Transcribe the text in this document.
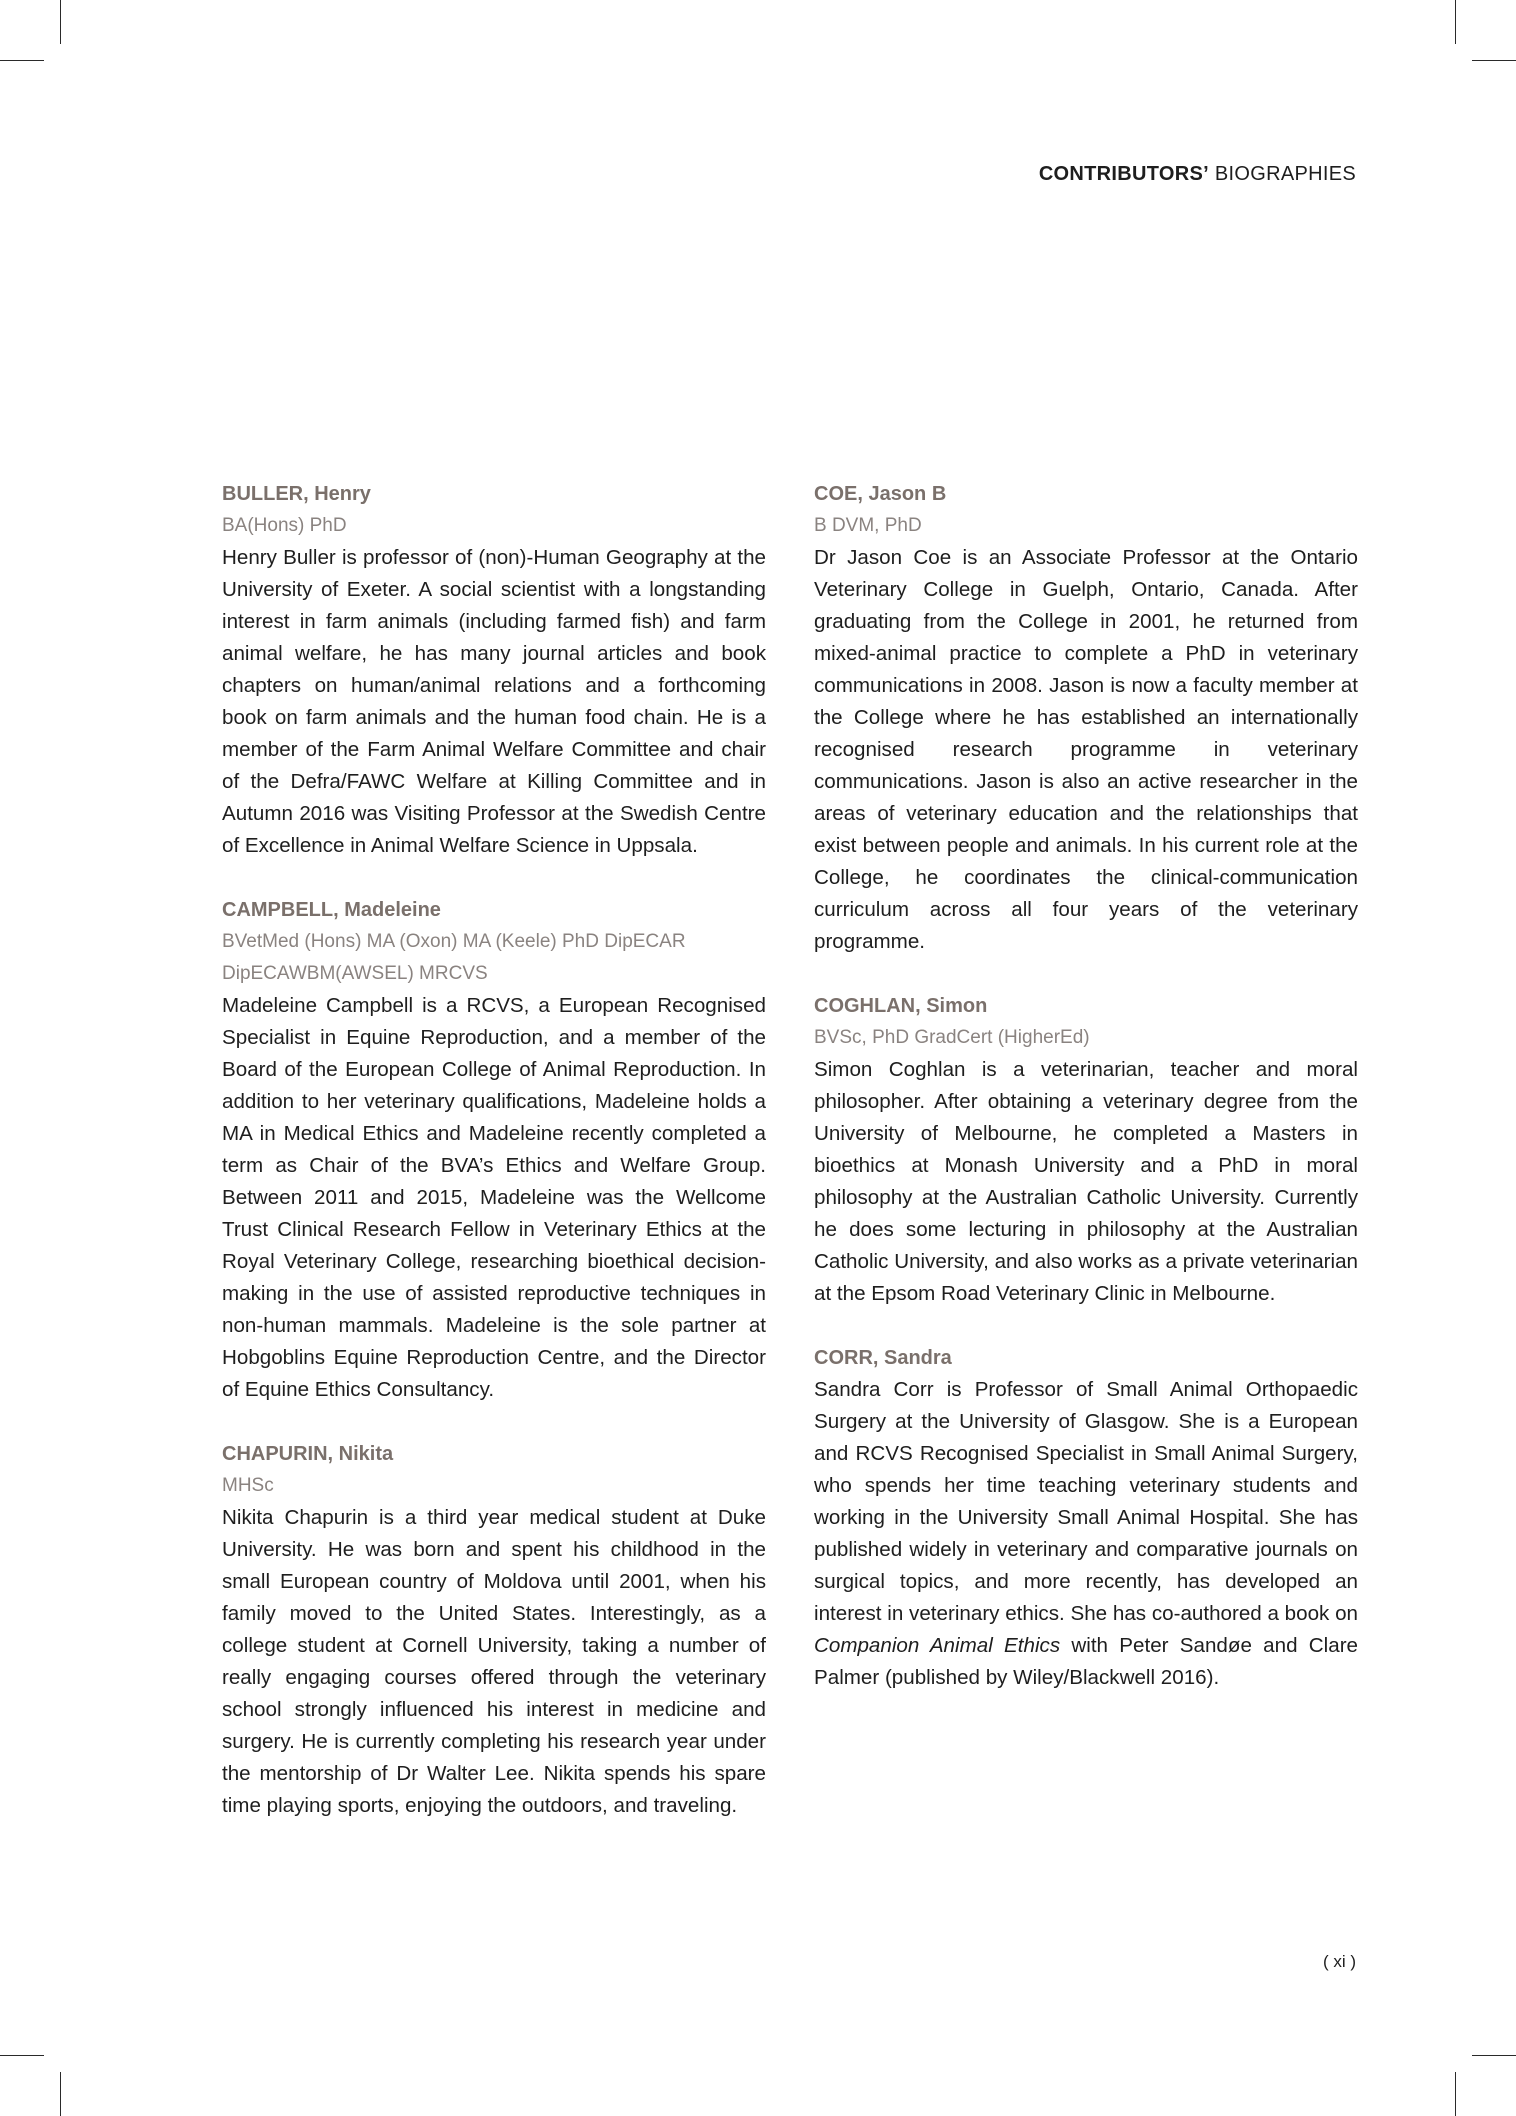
CONTRIBUTORS’ BIOGRAPHIES
BULLER, Henry
BA(Hons) PhD

Henry Buller is professor of (non)-Human Geography at the University of Exeter. A social scientist with a longstanding interest in farm animals (including farmed fish) and farm animal welfare, he has many journal articles and book chapters on human/animal relations and a forthcoming book on farm animals and the human food chain. He is a member of the Farm Animal Welfare Committee and chair of the Defra/FAWC Welfare at Killing Committee and in Autumn 2016 was Visiting Professor at the Swedish Centre of Excellence in Animal Welfare Science in Uppsala.

CAMPBELL, Madeleine
BVetMed (Hons) MA (Oxon) MA (Keele) PhD DipECAR DipECAWBM(AWSEL) MRCVS

Madeleine Campbell is a RCVS, a European Recognised Specialist in Equine Reproduction, and a member of the Board of the European College of Animal Reproduction. In addition to her veterinary qualifications, Madeleine holds a MA in Medical Ethics and Madeleine recently completed a term as Chair of the BVA’s Ethics and Welfare Group. Between 2011 and 2015, Madeleine was the Wellcome Trust Clinical Research Fellow in Veterinary Ethics at the Royal Veterinary College, researching bioethical decision-making in the use of assisted reproductive techniques in non-human mammals. Madeleine is the sole partner at Hobgoblins Equine Reproduction Centre, and the Director of Equine Ethics Consultancy.

CHAPURIN, Nikita
MHSc

Nikita Chapurin is a third year medical student at Duke University. He was born and spent his childhood in the small European country of Moldova until 2001, when his family moved to the United States. Interestingly, as a college student at Cornell University, taking a number of really engaging courses offered through the veterinary school strongly influenced his interest in medicine and surgery. He is currently completing his research year under the mentorship of Dr Walter Lee. Nikita spends his spare time playing sports, enjoying the outdoors, and traveling.

COE, Jason B
B DVM, PhD

Dr Jason Coe is an Associate Professor at the Ontario Veterinary College in Guelph, Ontario, Canada. After graduating from the College in 2001, he returned from mixed-animal practice to complete a PhD in veterinary communications in 2008. Jason is now a faculty member at the College where he has established an internationally recognised research programme in veterinary communications. Jason is also an active researcher in the areas of veterinary education and the relationships that exist between people and animals. In his current role at the College, he coordinates the clinical-communication curriculum across all four years of the veterinary programme.

COGHLAN, Simon
BVSc, PhD GradCert (HigherEd)

Simon Coghlan is a veterinarian, teacher and moral philosopher. After obtaining a veterinary degree from the University of Melbourne, he completed a Masters in bioethics at Monash University and a PhD in moral philosophy at the Australian Catholic University. Currently he does some lecturing in philosophy at the Australian Catholic University, and also works as a private veterinarian at the Epsom Road Veterinary Clinic in Melbourne.

CORR, Sandra

Sandra Corr is Professor of Small Animal Orthopaedic Surgery at the University of Glasgow. She is a European and RCVS Recognised Specialist in Small Animal Surgery, who spends her time teaching veterinary students and working in the University Small Animal Hospital. She has published widely in veterinary and comparative journals on surgical topics, and more recently, has developed an interest in veterinary ethics. She has co-authored a book on Companion Animal Ethics with Peter Sandøe and Clare Palmer (published by Wiley/Blackwell 2016).

( xi )
